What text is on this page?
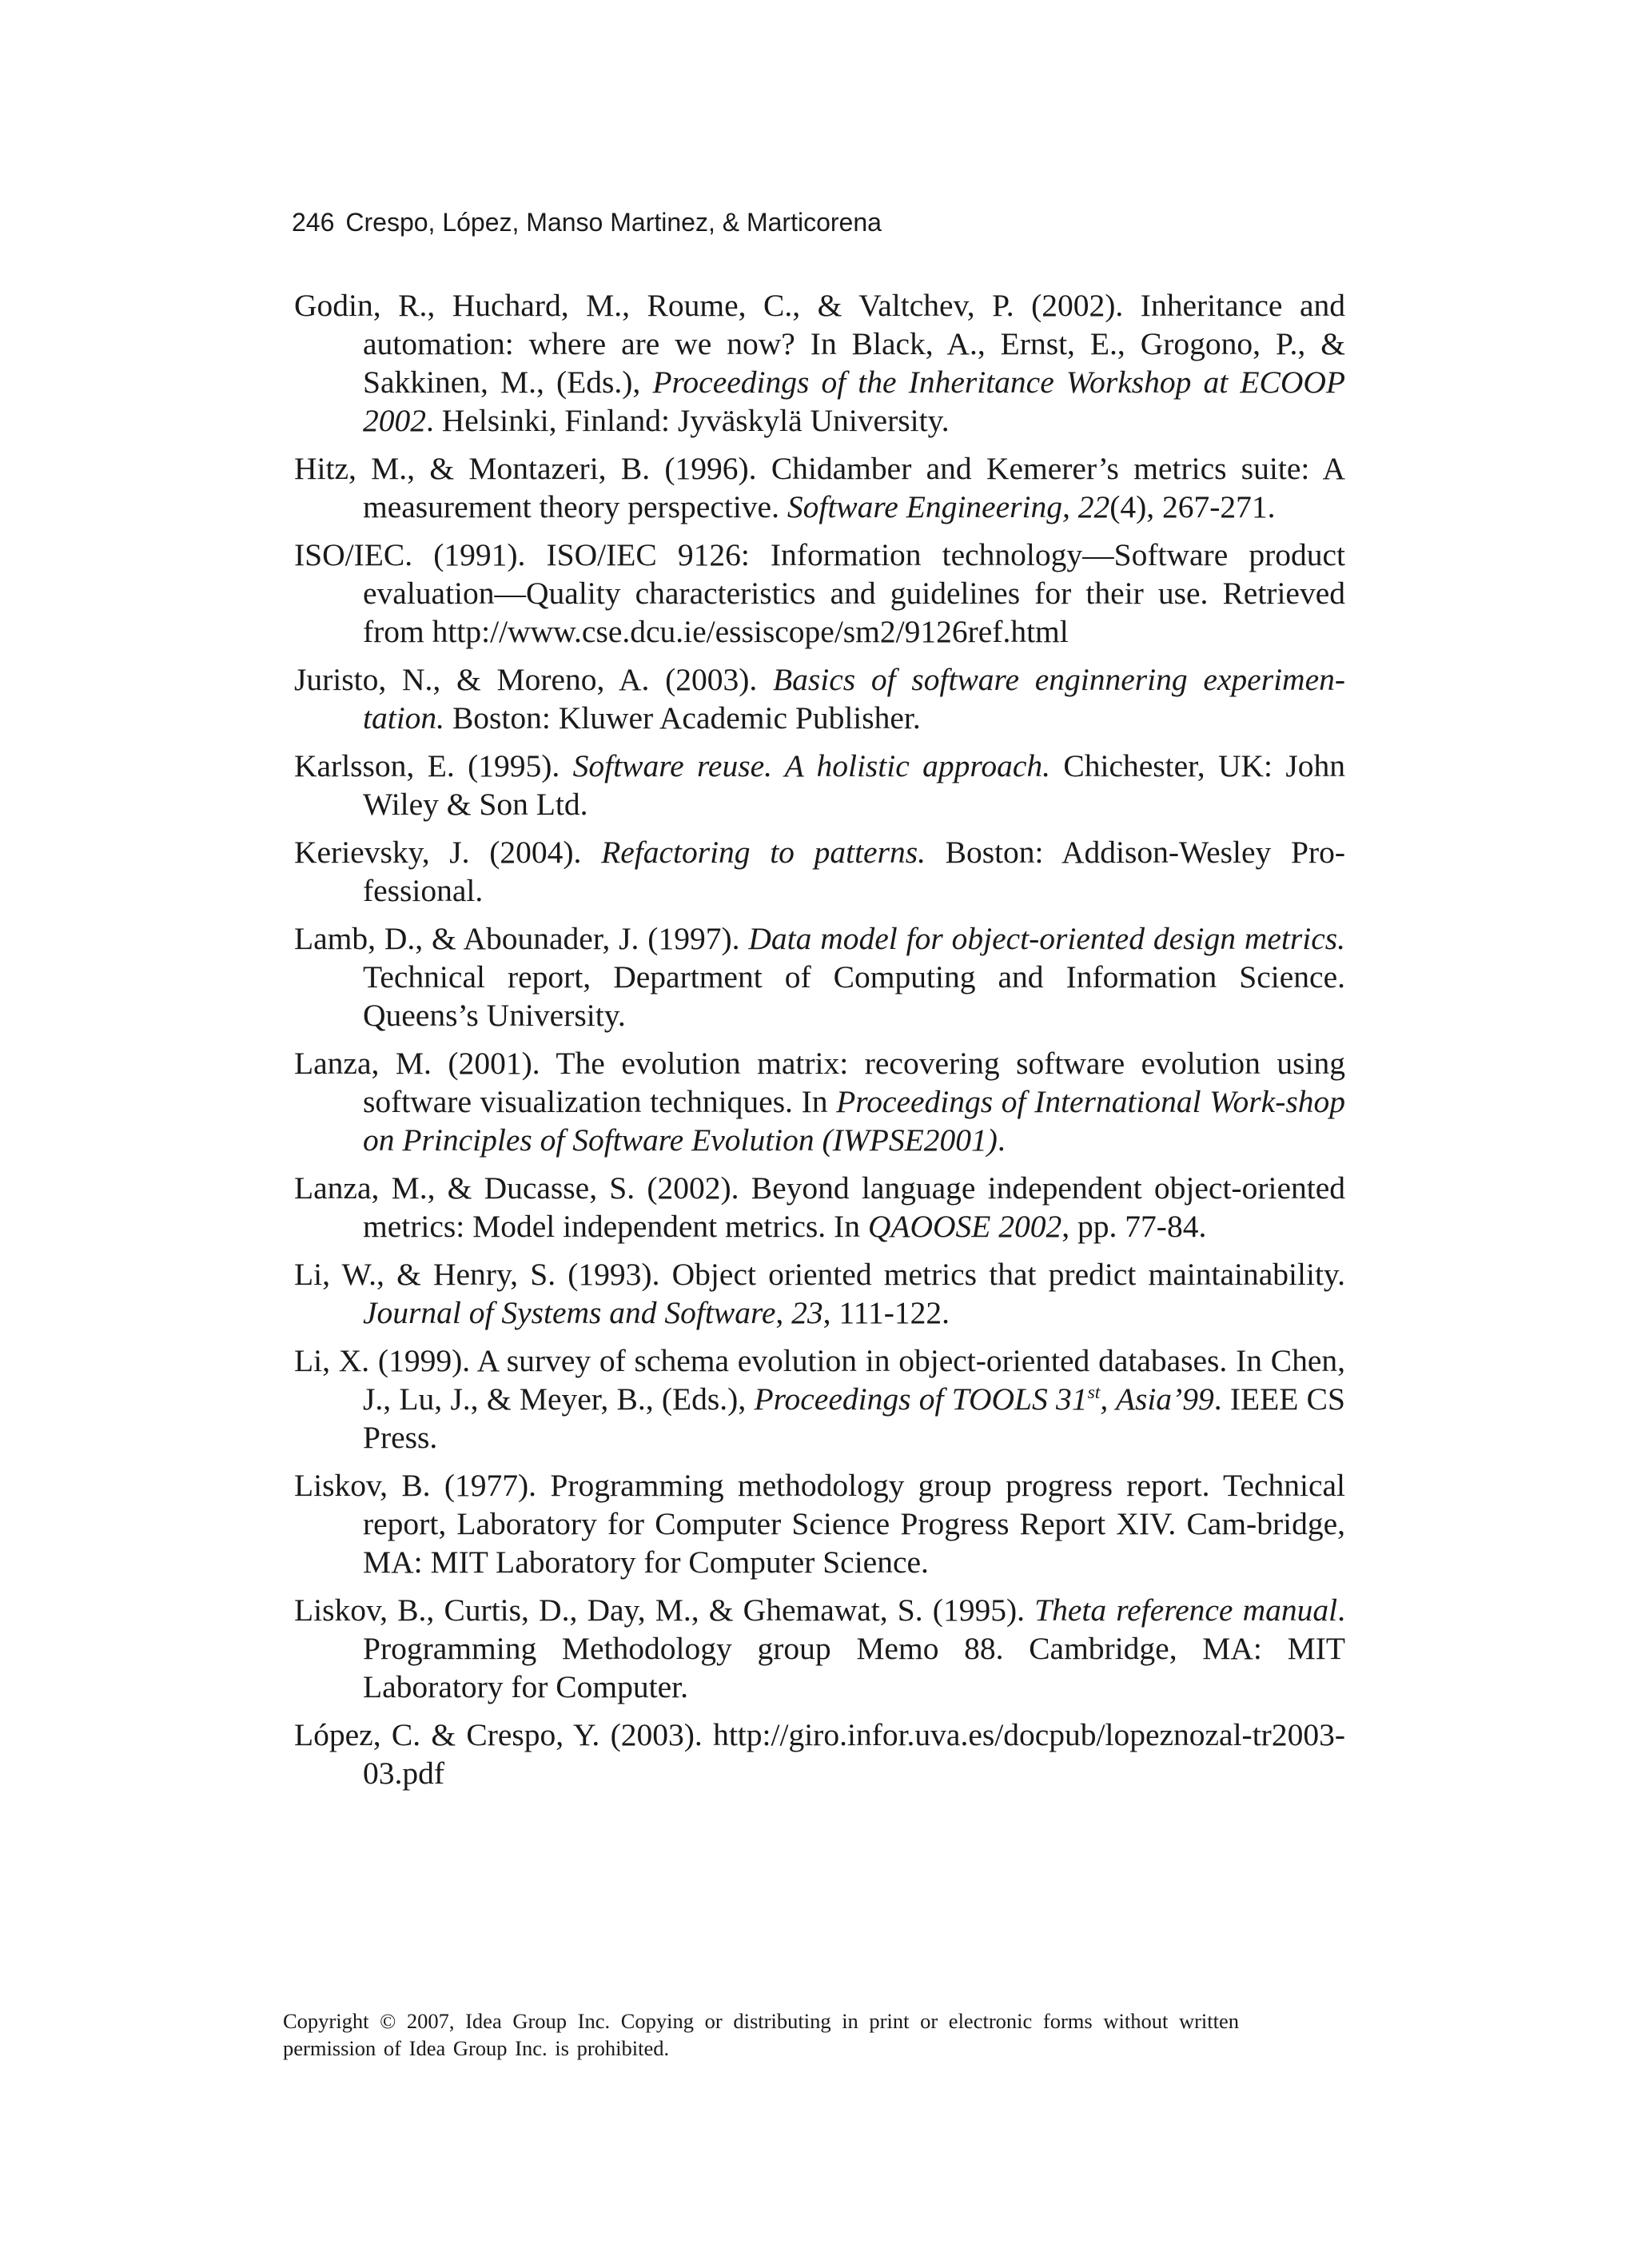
246 Crespo, López, Manso Martinez, & Marticorena
Godin, R., Huchard, M., Roume, C., & Valtchev, P. (2002). Inheritance and automation: where are we now? In Black, A., Ernst, E., Grogono, P., & Sakkinen, M., (Eds.), Proceedings of the Inheritance Workshop at ECOOP 2002. Helsinki, Finland: Jyväskylä University.
Hitz, M., & Montazeri, B. (1996). Chidamber and Kemerer’s metrics suite: A measurement theory perspective. Software Engineering, 22(4), 267-271.
ISO/IEC. (1991). ISO/IEC 9126: Information technology—Software product evaluation—Quality characteristics and guidelines for their use. Retrieved from http://www.cse.dcu.ie/essiscope/sm2/9126ref.html
Juristo, N., & Moreno, A. (2003). Basics of software enginnering experimen-tation. Boston: Kluwer Academic Publisher.
Karlsson, E. (1995). Software reuse. A holistic approach. Chichester, UK: John Wiley & Son Ltd.
Kerievsky, J. (2004). Refactoring to patterns. Boston: Addison-Wesley Pro-fessional.
Lamb, D., & Abounader, J. (1997). Data model for object-oriented design metrics. Technical report, Department of Computing and Information Science. Queens’s University.
Lanza, M. (2001). The evolution matrix: recovering software evolution using software visualization techniques. In Proceedings of International Work-shop on Principles of Software Evolution (IWPSE2001).
Lanza, M., & Ducasse, S. (2002). Beyond language independent object-oriented metrics: Model independent metrics. In QAOOSE 2002, pp. 77-84.
Li, W., & Henry, S. (1993). Object oriented metrics that predict maintainability. Journal of Systems and Software, 23, 111-122.
Li, X. (1999). A survey of schema evolution in object-oriented databases. In Chen, J., Lu, J., & Meyer, B., (Eds.), Proceedings of TOOLS 31st, Asia’99. IEEE CS Press.
Liskov, B. (1977). Programming methodology group progress report. Technical report, Laboratory for Computer Science Progress Report XIV. Cam-bridge, MA: MIT Laboratory for Computer Science.
Liskov, B., Curtis, D., Day, M., & Ghemawat, S. (1995). Theta reference manual. Programming Methodology group Memo 88. Cambridge, MA: MIT Laboratory for Computer.
López, C. & Crespo, Y. (2003). http://giro.infor.uva.es/docpub/lopeznozal-tr2003-03.pdf
Copyright © 2007, Idea Group Inc. Copying or distributing in print or electronic forms without written
permission of Idea Group Inc. is prohibited.
